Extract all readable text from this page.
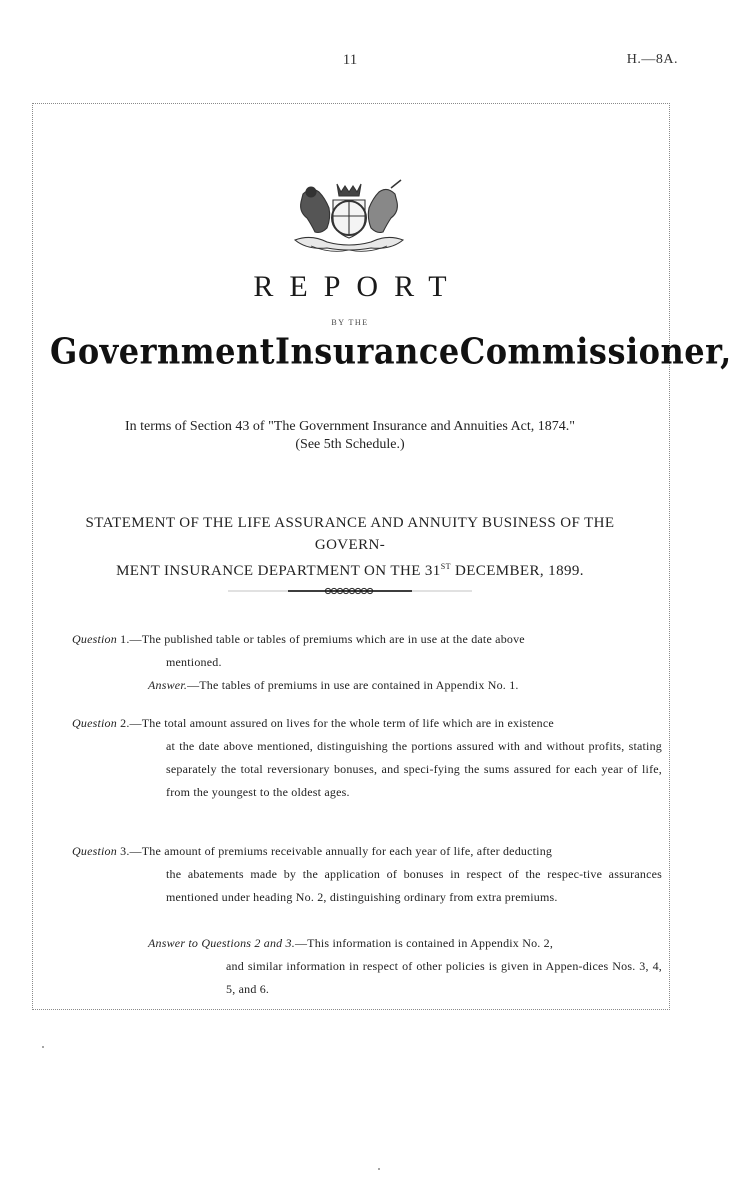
11	H.—8A.
REPORT
BY THE
Government Insurance Commissioner,
In terms of Section 43 of "The Government Insurance and Annuities Act, 1874."
(See 5th Schedule.)
STATEMENT OF THE LIFE ASSURANCE AND ANNUITY BUSINESS OF THE GOVERN-
MENT INSURANCE DEPARTMENT ON THE 31ST DECEMBER, 1899.
Question 1.—The published table or tables of premiums which are in use at the date above
mentioned.
Answer.—The tables of premiums in use are contained in Appendix No. 1.
Question 2.—The total amount assured on lives for the whole term of life which are in existence
at the date above mentioned, distinguishing the portions assured with and without profits, stating separately the total reversionary bonuses, and speci-fying the sums assured for each year of life, from the youngest to the oldest ages.
Question 3.—The amount of premiums receivable annually for each year of life, after deducting
the abatements made by the application of bonuses in respect of the respec-tive assurances mentioned under heading No. 2, distinguishing ordinary from extra premiums.
Answer to Questions 2 and 3.—This information is contained in Appendix No. 2,
and similar information in respect of other policies is given in Appen-dices Nos. 3, 4, 5, and 6.
